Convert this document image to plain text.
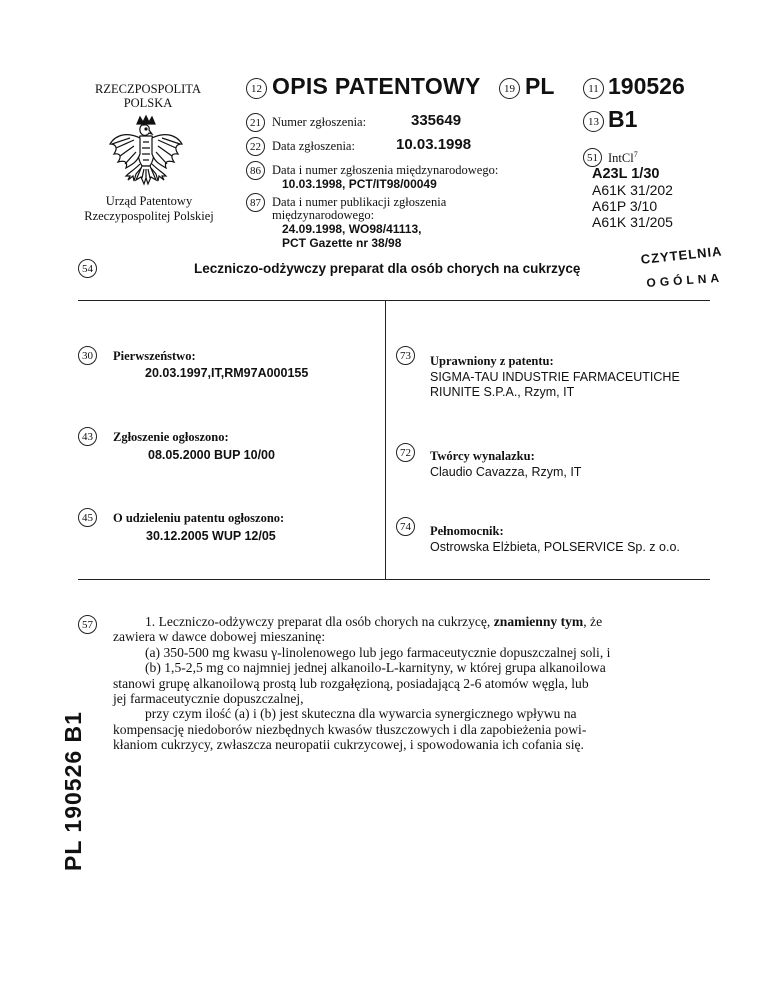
RZECZPOSPOLITA
POLSKA
Urząd Patentowy
Rzeczypospolitej Polskiej
12 OPIS PATENTOWY	19 PL
21 Numer zgłoszenia:	335649
22 Data zgłoszenia:	10.03.1998
86 Data i numer zgłoszenia międzynarodowego:
10.03.1998, PCT/IT98/00049
87 Data i numer publikacji zgłoszenia
międzynarodowego:
24.09.1998, WO98/41113,
PCT Gazette nr 38/98
11 190526
13 B1
51 IntCl$^7$
A23L 1/30
A61K 31/202
A61P 3/10
A61K 31/205
54	Leczniczo-odżywczy preparat dla osób chorych na cukrzycę
CZYTELNIA
OGÓLNA
30	Pierwszeństwo:
20.03.1997,IT,RM97A000155
43	Zgłoszenie ogłoszono:
08.05.2000 BUP 10/00
45	O udzieleniu patentu ogłoszono:
30.12.2005 WUP 12/05
73	Uprawniony z patentu:
SIGMA-TAU INDUSTRIE FARMACEUTICHE
RIUNITE S.P.A., Rzym, IT
72	Twórcy wynalazku:
Claudio Cavazza, Rzym, IT
74	Pełnomocnik:
Ostrowska Elżbieta, POLSERVICE Sp. z o.o.
57	1. Leczniczo-odżywczy preparat dla osób chorych na cukrzycę, znamienny tym, że

zawiera w dawce dobowej mieszaninę:

(a) 350-500 mg kwasu γ-linolenowego lub jego farmaceutycznie dopuszczalnej soli, i

(b) 1,5-2,5 mg co najmniej jednej alkanoilo-L-karnityny, w której grupa alkanoilowa

stanowi grupę alkanoilową prostą lub rozgałęzioną, posiadającą 2-6 atomów węgla, lub

jej farmaceutycznie dopuszczalnej,

przy czym ilość (a) i (b) jest skuteczna dla wywarcia synergicznego wpływu na

kompensację niedoborów niezbędnych kwasów tłuszczowych i dla zapobieżenia powi-

kłaniom cukrzycy, zwłaszcza neuropatii cukrzycowej, i spowodowania ich cofania się.

PL 190526 B1
